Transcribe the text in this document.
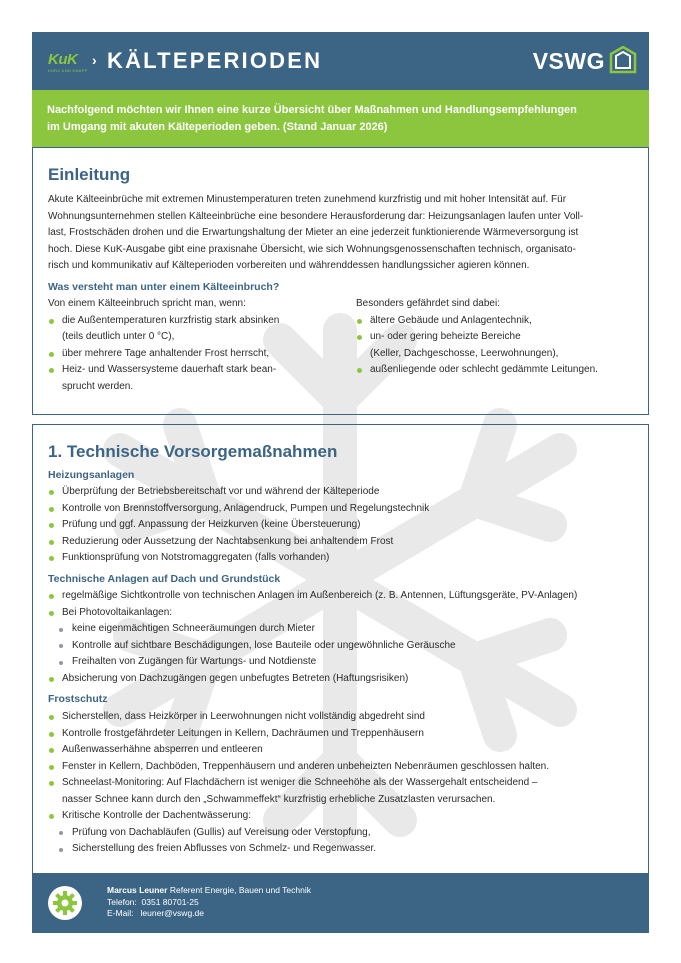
KuK
KURZ UND KNAPP
› KÄLTEPERIODEN	VSWG
Nachfolgend möchten wir Ihnen eine kurze Übersicht über Maßnahmen und Handlungsempfehlungen
im Umgang mit akuten Kälteperioden geben. (Stand Januar 2026)
Einleitung
Akute Kälteeinbrüche mit extremen Minustemperaturen treten zunehmend kurzfristig und mit hoher Intensität auf. Für
Wohnungsunternehmen stellen Kälteeinbrüche eine besondere Herausforderung dar: Heizungsanlagen laufen unter Voll-
last, Frostschäden drohen und die Erwartungshaltung der Mieter an eine jederzeit funktionierende Wärmeversorgung ist
hoch. Diese KuK-Ausgabe gibt eine praxisnahe Übersicht, wie sich Wohnungsgenossenschaften technisch, organisato-
risch und kommunikativ auf Kälteperioden vorbereiten und währenddessen handlungssicher agieren können.
Was versteht man unter einem Kälteeinbruch?
Von einem Kälteeinbruch spricht man, wenn:
die Außentemperaturen kurzfristig stark absinken
(teils deutlich unter 0 °C),
über mehrere Tage anhaltender Frost herrscht,
Heiz- und Wassersysteme dauerhaft stark bean-
sprucht werden.
Besonders gefährdet sind dabei:
ältere Gebäude und Anlagentechnik,
un- oder gering beheizte Bereiche
(Keller, Dachgeschosse, Leerwohnungen),
außenliegende oder schlecht gedämmte Leitungen.
1. Technische Vorsorgemaßnahmen
Heizungsanlagen
Überprüfung der Betriebsbereitschaft vor und während der Kälteperiode
Kontrolle von Brennstoffversorgung, Anlagendruck, Pumpen und Regelungstechnik
Prüfung und ggf. Anpassung der Heizkurven (keine Übersteuerung)
Reduzierung oder Aussetzung der Nachtabsenkung bei anhaltendem Frost
Funktionsprüfung von Notstromaggregaten (falls vorhanden)
Technische Anlagen auf Dach und Grundstück
regelmäßige Sichtkontrolle von technischen Anlagen im Außenbereich (z. B. Antennen, Lüftungsgeräte, PV-Anlagen)
Bei Photovoltaikanlagen:
keine eigenmächtigen Schneeräumungen durch Mieter
Kontrolle auf sichtbare Beschädigungen, lose Bauteile oder ungewöhnliche Geräusche
Freihalten von Zugängen für Wartungs- und Notdienste
Absicherung von Dachzugängen gegen unbefugtes Betreten (Haftungsrisiken)
Frostschutz
Sicherstellen, dass Heizkörper in Leerwohnungen nicht vollständig abgedreht sind
Kontrolle frostgefährdeter Leitungen in Kellern, Dachräumen und Treppenhäusern
Außenwasserhähne absperren und entleeren
Fenster in Kellern, Dachböden, Treppenhäusern und anderen unbeheizten Nebenräumen geschlossen halten.
Schneelast-Monitoring: Auf Flachdächern ist weniger die Schneehöhe als der Wassergehalt entscheidend –
nasser Schnee kann durch den „Schwammeffekt“ kurzfristig erhebliche Zusatzlasten verursachen.
Kritische Kontrolle der Dachentwässerung:
Prüfung von Dachabläufen (Gullis) auf Vereisung oder Verstopfung,
Sicherstellung des freien Abflusses von Schmelz- und Regenwasser.
Marcus Leuner Referent Energie, Bauen und Technik
Telefon: 0351 80701-25
E-Mail: leuner@vswg.de
